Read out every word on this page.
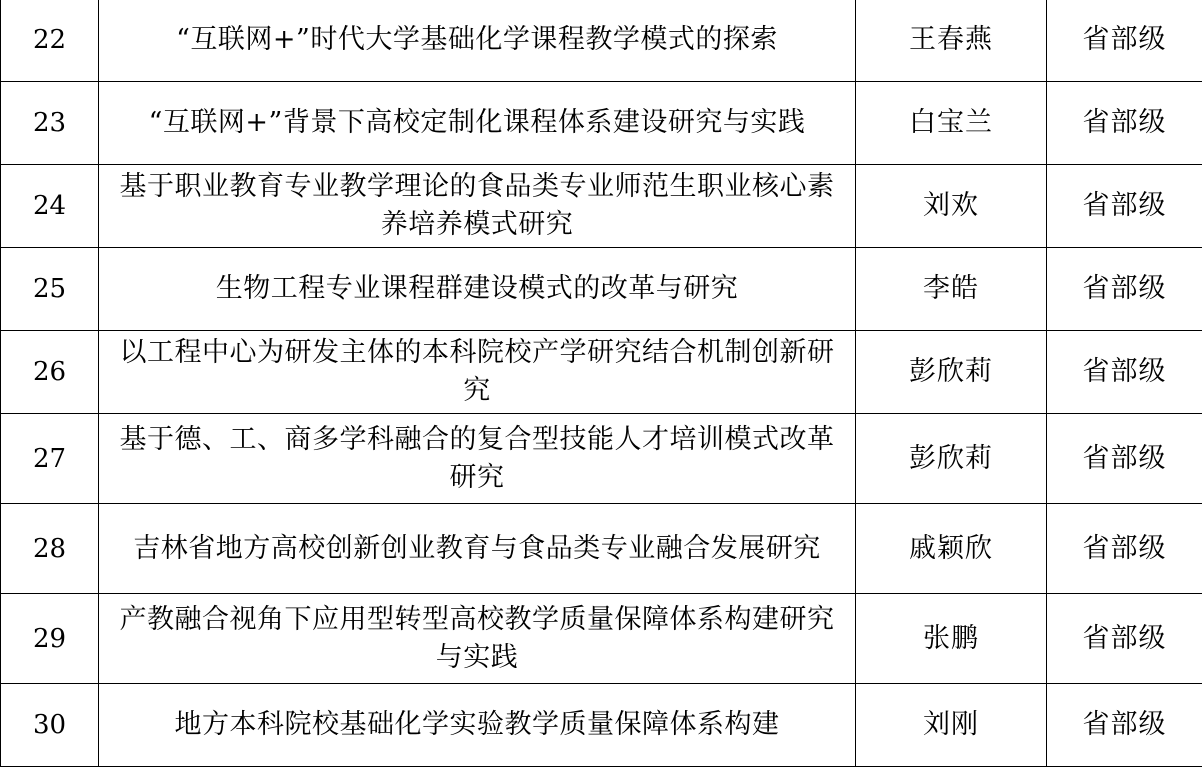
22	“互联网+”时代大学基础化学课程教学模式的探索	王春燕	省部级
23	“互联网+”背景下高校定制化课程体系建设研究与实践	白宝兰	省部级
24	基于职业教育专业教学理论的食品类专业师范生职业核心素养培养模式研究	刘欢	省部级
25	生物工程专业课程群建设模式的改革与研究	李皓	省部级
26	以工程中心为研发主体的本科院校产学研究结合机制创新研究	彭欣莉	省部级
27	基于德、工、商多学科融合的复合型技能人才培训模式改革研究	彭欣莉	省部级
28	吉林省地方高校创新创业教育与食品类专业融合发展研究	戚颖欣	省部级
29	产教融合视角下应用型转型高校教学质量保障体系构建研究与实践	张鹏	省部级
30	地方本科院校基础化学实验教学质量保障体系构建	刘刚	省部级
